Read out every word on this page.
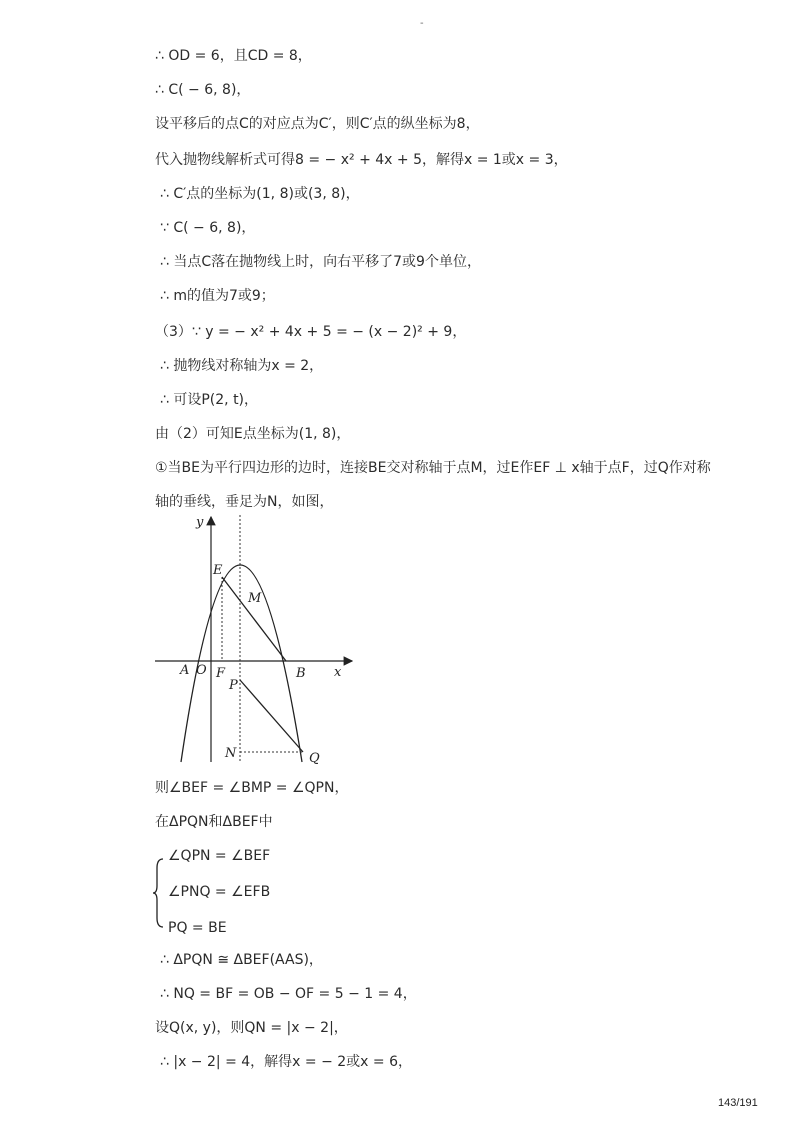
-
∴ OD = 6，且CD = 8，
∴ C( − 6, 8)，
设平移后的点C的对应点为C′，则C′点的纵坐标为8，
代入抛物线解析式可得8 = − x² + 4x + 5，解得x = 1或x = 3，
∴ C′点的坐标为(1, 8)或(3, 8)，
∵ C( − 6, 8)，
∴ 当点C落在抛物线上时，向右平移了7或9个单位，
∴ m的值为7或9；
（3）∵ y = − x² + 4x + 5 = − (x − 2)² + 9，
∴ 抛物线对称轴为x = 2，
∴ 可设P(2, t)，
由（2）可知E点坐标为(1, 8)，
①当BE为平行四边形的边时，连接BE交对称轴于点M，过E作EF ⊥ x轴于点F，过Q作对称
轴的垂线，垂足为N，如图，
y
x
E
M
A O F	B
P
N	Q
则∠BEF = ∠BMP = ∠QPN，
在ΔPQN和ΔBEF中
∠QPN = ∠BEF
∠PNQ = ∠EFB
PQ = BE
∴ ΔPQN ≅ ΔBEF(AAS)，
∴ NQ = BF = OB − OF = 5 − 1 = 4，
设Q(x, y)，则QN = |x − 2|，
∴ |x − 2| = 4，解得x = − 2或x = 6，
143/191
